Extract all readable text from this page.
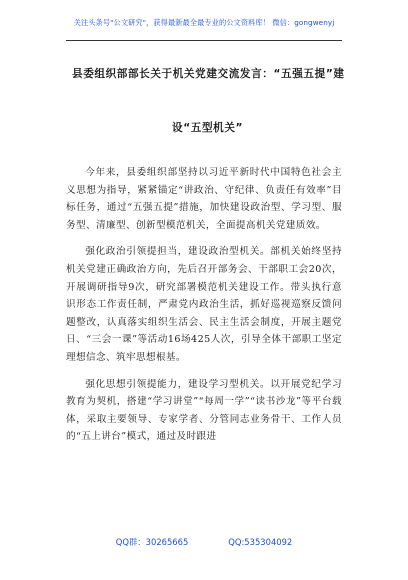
关注头条号"公文研究"，获得最新最全最专业的公文资料库！ 微信：gongwenyj
县委组织部部长关于机关党建交流发言：“五强五提”建
设“五型机关”

今年来，县委组织部坚持以习近平新时代中国特色社会主义思想为指导，紧紧锚定“讲政治、守纪律、负责任有效率”目标任务，通过“五强五提”措施，加快建设政治型、学习型、服务型、清廉型、创新型模范机关，全面提高机关党建质效。

强化政治引领提担当，建设政治型机关。部机关始终坚持机关党建正确政治方向，先后召开部务会、干部职工会20次，开展调研指导9次，研究部署模范机关建设工作。带头执行意识形态工作责任制，严肃党内政治生活，抓好巡视巡察反馈问题整改，认真落实组织生活会、民主生活会制度，开展主题党日、“三会一课”等活动16场425人次，引导全体干部职工坚定理想信念、筑牢思想根基。

强化思想引领提能力，建设学习型机关。以开展党纪学习教育为契机，搭建“学习讲堂”“每周一学”“读书沙龙”等平台载体，采取主要领导、专家学者、分管同志业务骨干、工作人员的“五上讲台”模式，通过及时跟进

QQ群：30265665	QQ:535304092
